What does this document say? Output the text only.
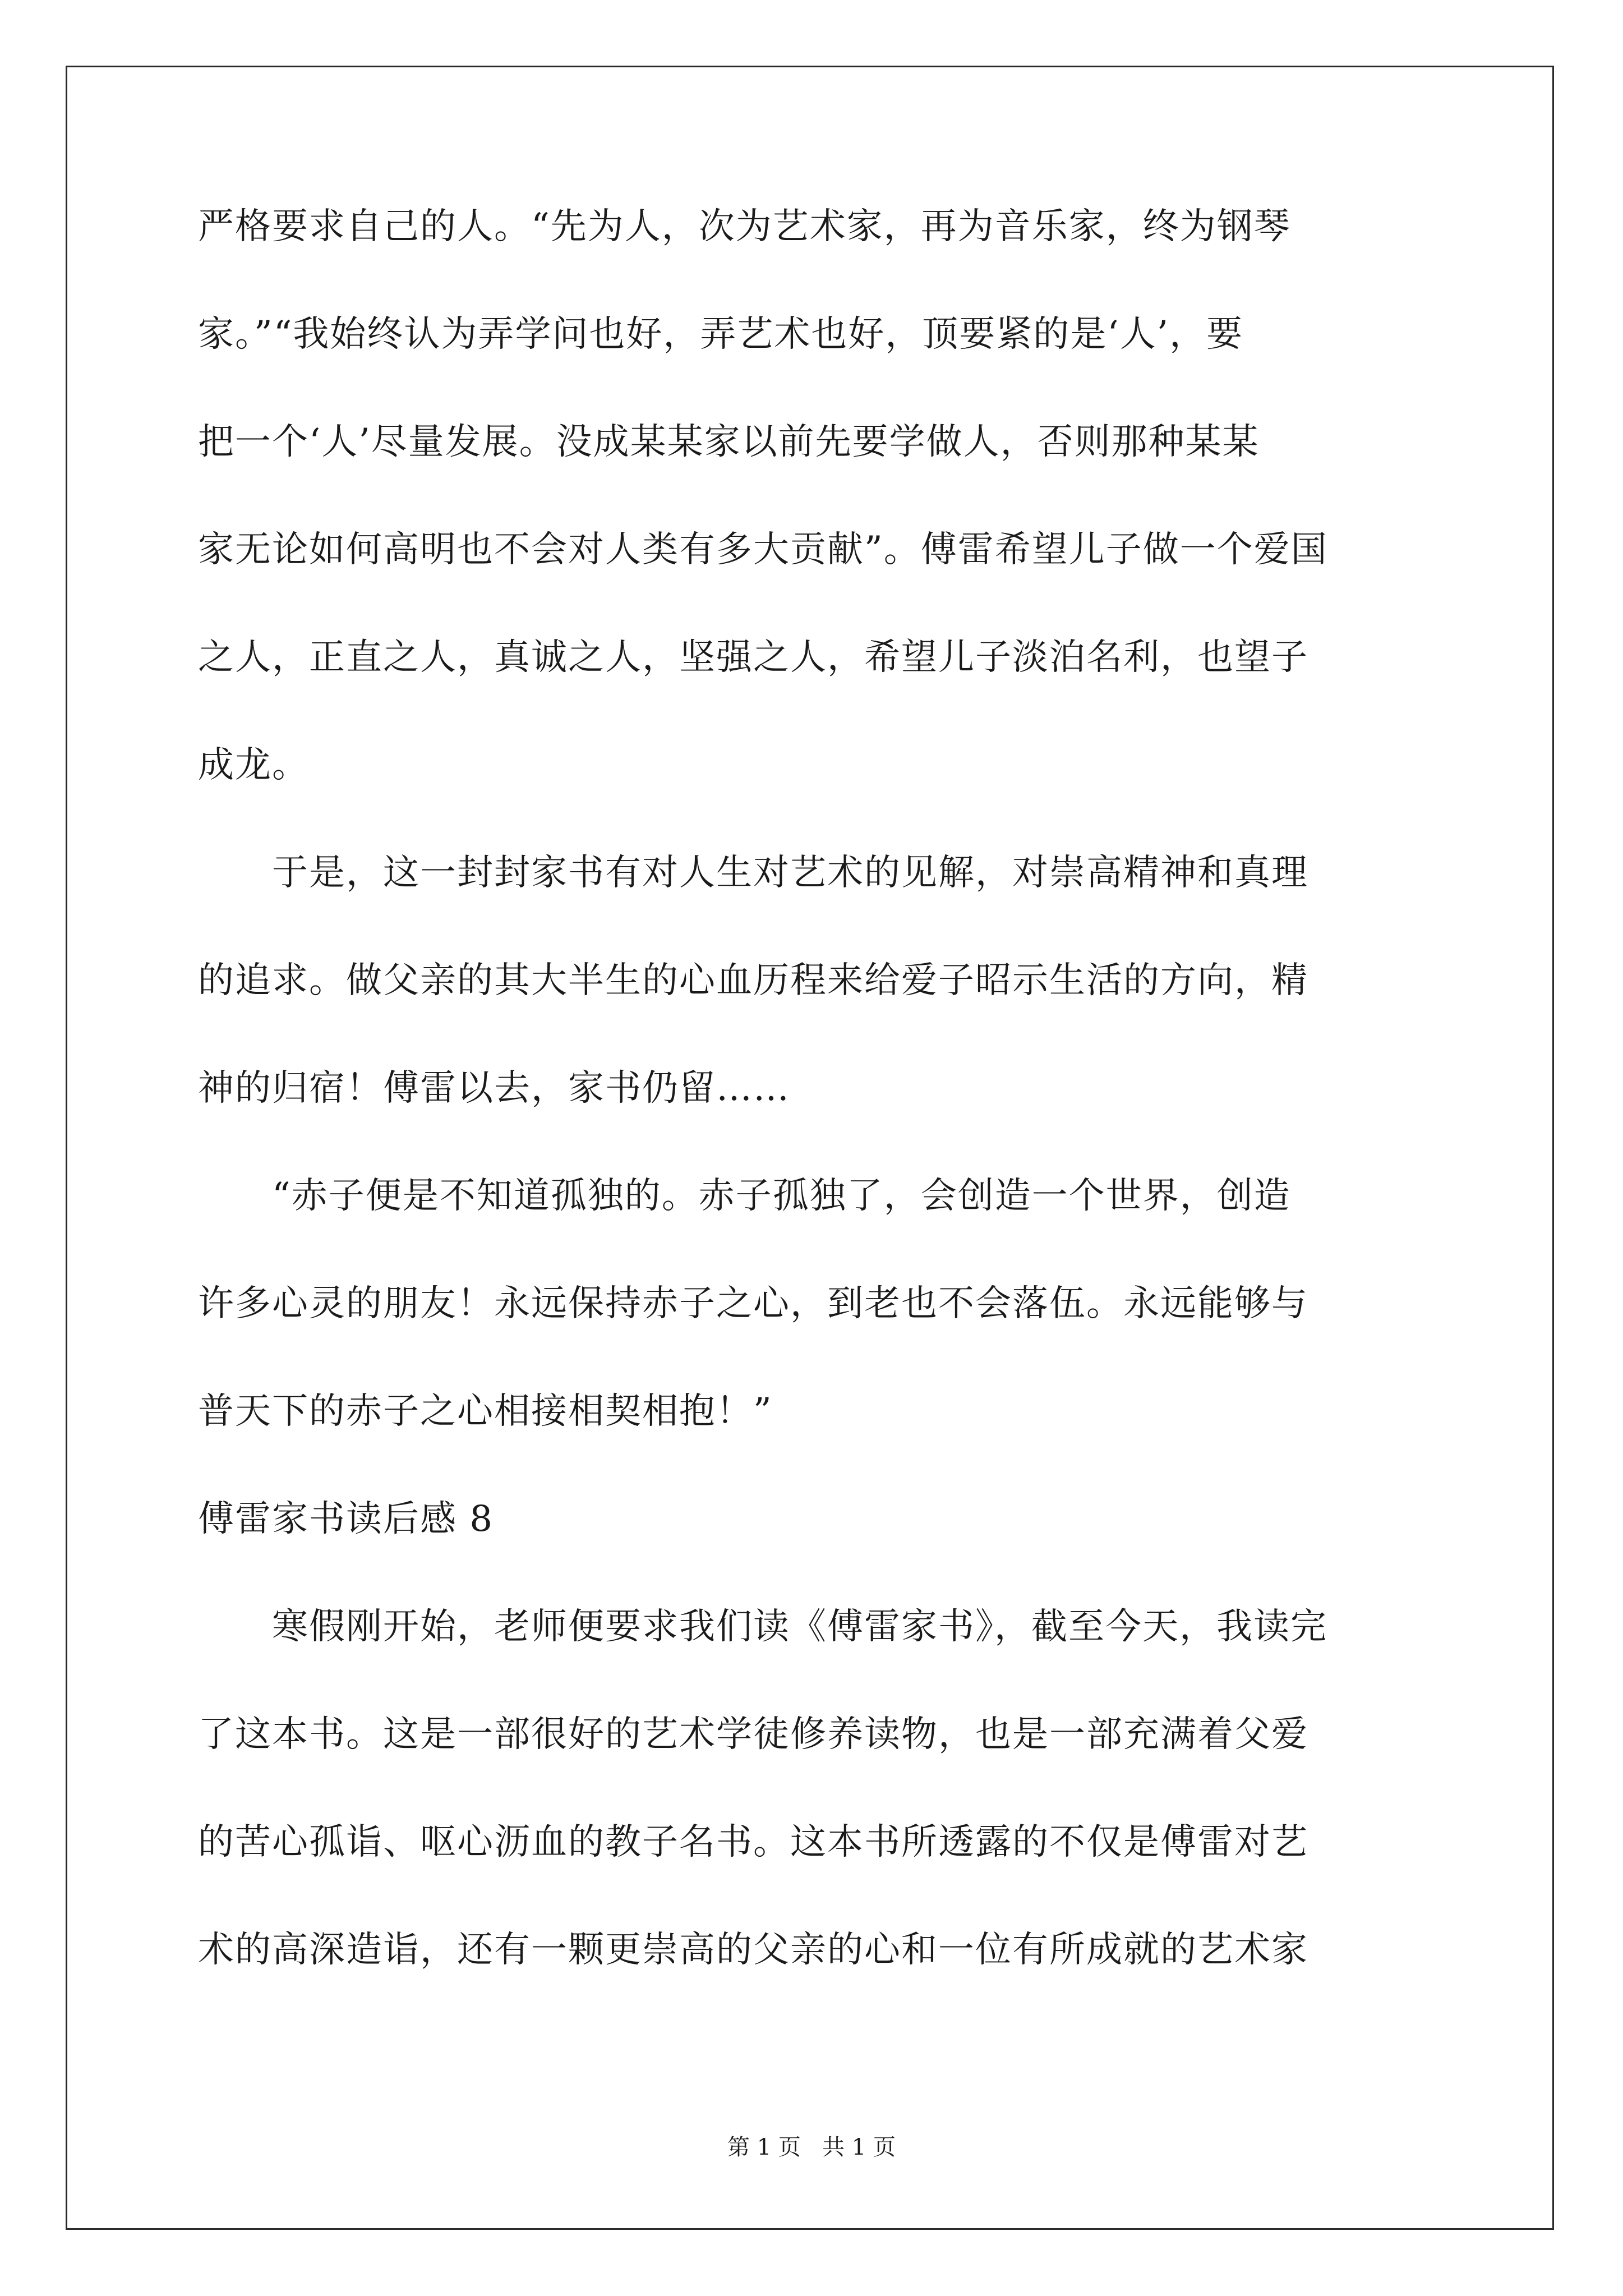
严格要求自己的人。“先为人，次为艺术家，再为音乐家，终为钢琴

家。”“我始终认为弄学问也好，弄艺术也好，顶要紧的是‘人’，要

把一个‘人’尽量发展。没成某某家以前先要学做人，否则那种某某

家无论如何高明也不会对人类有多大贡献”。傅雷希望儿子做一个爱国

之人，正直之人，真诚之人，坚强之人，希望儿子淡泊名利，也望子

成龙。

　　于是，这一封封家书有对人生对艺术的见解，对崇高精神和真理

的追求。做父亲的其大半生的心血历程来给爱子昭示生活的方向，精

神的归宿！傅雷以去，家书仍留……

　　“赤子便是不知道孤独的。赤子孤独了，会创造一个世界，创造

许多心灵的朋友！永远保持赤子之心，到老也不会落伍。永远能够与

普天下的赤子之心相接相契相抱！”

傅雷家书读后感 8

　　寒假刚开始，老师便要求我们读《傅雷家书》，截至今天，我读完

了这本书。这是一部很好的艺术学徒修养读物，也是一部充满着父爱

的苦心孤诣、呕心沥血的教子名书。这本书所透露的不仅是傅雷对艺

术的高深造诣，还有一颗更崇高的父亲的心和一位有所成就的艺术家

第 1 页   共 1 页
